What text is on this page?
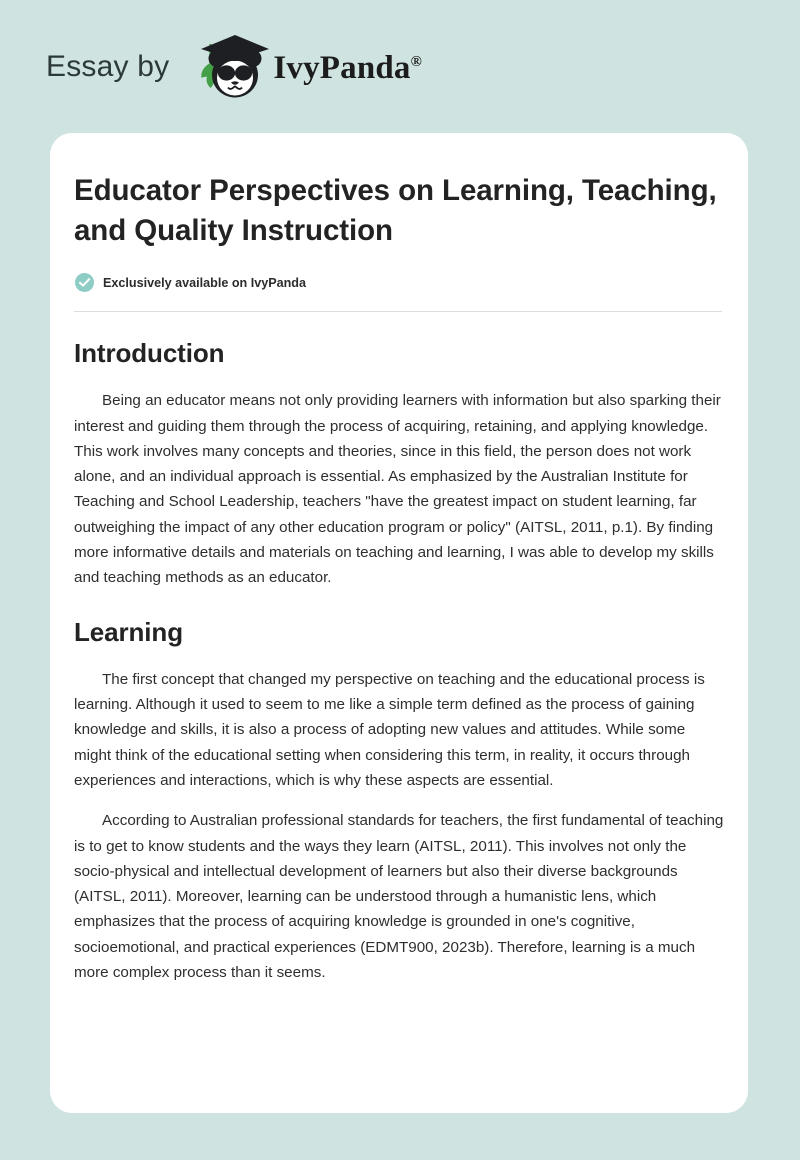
Essay by	IvyPanda®
Educator Perspectives on Learning, Teaching, and Quality Instruction
Exclusively available on IvyPanda
Introduction

Being an educator means not only providing learners with information but also sparking their interest and guiding them through the process of acquiring, retaining, and applying knowledge. This work involves many concepts and theories, since in this field, the person does not work alone, and an individual approach is essential. As emphasized by the Australian Institute for Teaching and School Leadership, teachers "have the greatest impact on student learning, far outweighing the impact of any other education program or policy" (AITSL, 2011, p.1). By finding more informative details and materials on teaching and learning, I was able to develop my skills and teaching methods as an educator.

Learning

The first concept that changed my perspective on teaching and the educational process is learning. Although it used to seem to me like a simple term defined as the process of gaining knowledge and skills, it is also a process of adopting new values and attitudes. While some might think of the educational setting when considering this term, in reality, it occurs through experiences and interactions, which is why these aspects are essential.

According to Australian professional standards for teachers, the first fundamental of teaching is to get to know students and the ways they learn (AITSL, 2011). This involves not only the socio-physical and intellectual development of learners but also their diverse backgrounds (AITSL, 2011). Moreover, learning can be understood through a humanistic lens, which emphasizes that the process of acquiring knowledge is grounded in one's cognitive, socioemotional, and practical experiences (EDMT900, 2023b). Therefore, learning is a much more complex process than it seems.
